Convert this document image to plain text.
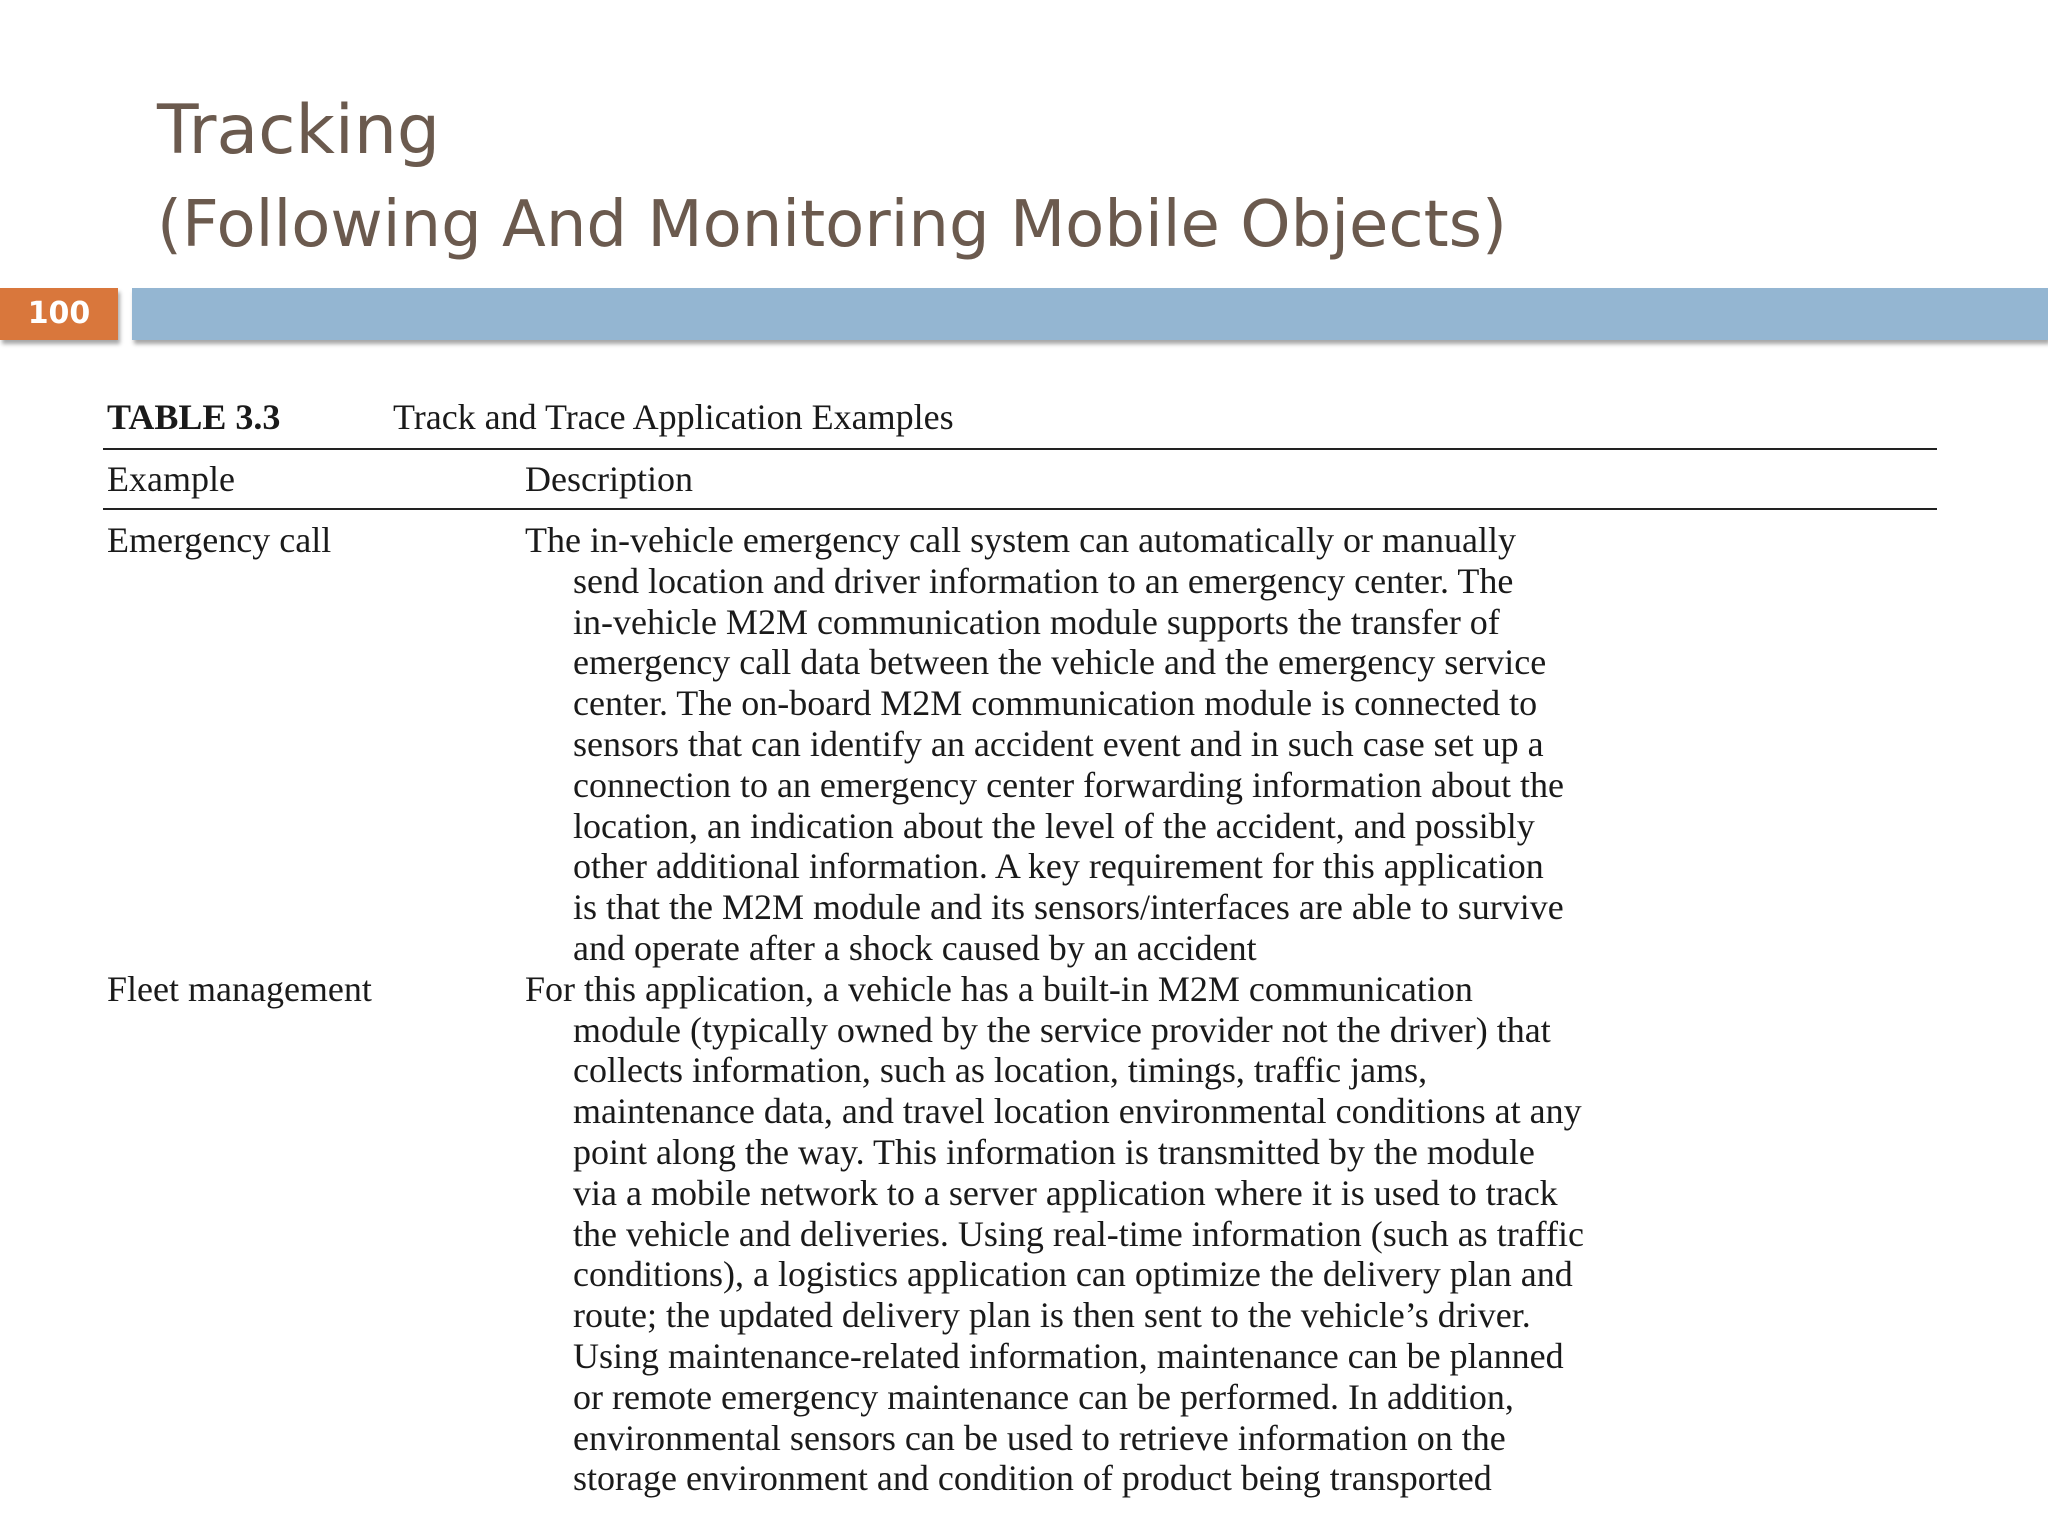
Tracking
(Following And Monitoring Mobile Objects)
100
TABLE 3.3	Track and Trace Application Examples
Example	Description
Emergency call	The in-vehicle emergency call system can automatically or manually
send location and driver information to an emergency center. The
in-vehicle M2M communication module supports the transfer of
emergency call data between the vehicle and the emergency service
center. The on-board M2M communication module is connected to
sensors that can identify an accident event and in such case set up a
connection to an emergency center forwarding information about the
location, an indication about the level of the accident, and possibly
other additional information. A key requirement for this application
is that the M2M module and its sensors/interfaces are able to survive
and operate after a shock caused by an accident
Fleet management	For this application, a vehicle has a built-in M2M communication
module (typically owned by the service provider not the driver) that
collects information, such as location, timings, traffic jams,
maintenance data, and travel location environmental conditions at any
point along the way. This information is transmitted by the module
via a mobile network to a server application where it is used to track
the vehicle and deliveries. Using real-time information (such as traffic
conditions), a logistics application can optimize the delivery plan and
route; the updated delivery plan is then sent to the vehicle’s driver.
Using maintenance-related information, maintenance can be planned
or remote emergency maintenance can be performed. In addition,
environmental sensors can be used to retrieve information on the
storage environment and condition of product being transported
